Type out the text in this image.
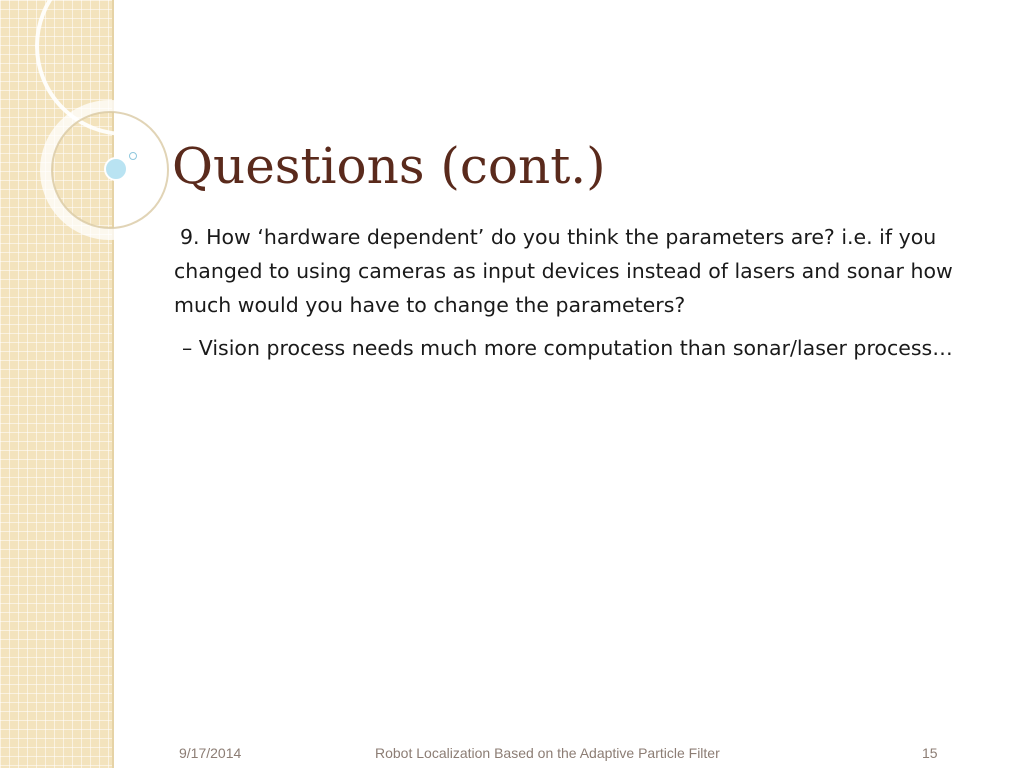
Questions (cont.)

9. How ‘hardware dependent’ do you think the parameters are? i.e. if you changed to using cameras as input devices instead of lasers and sonar how much would you have to change the parameters?

– Vision process needs much more computation than sonar/laser process…

9/17/2014	Robot Localization Based on the Adaptive Particle Filter	15
